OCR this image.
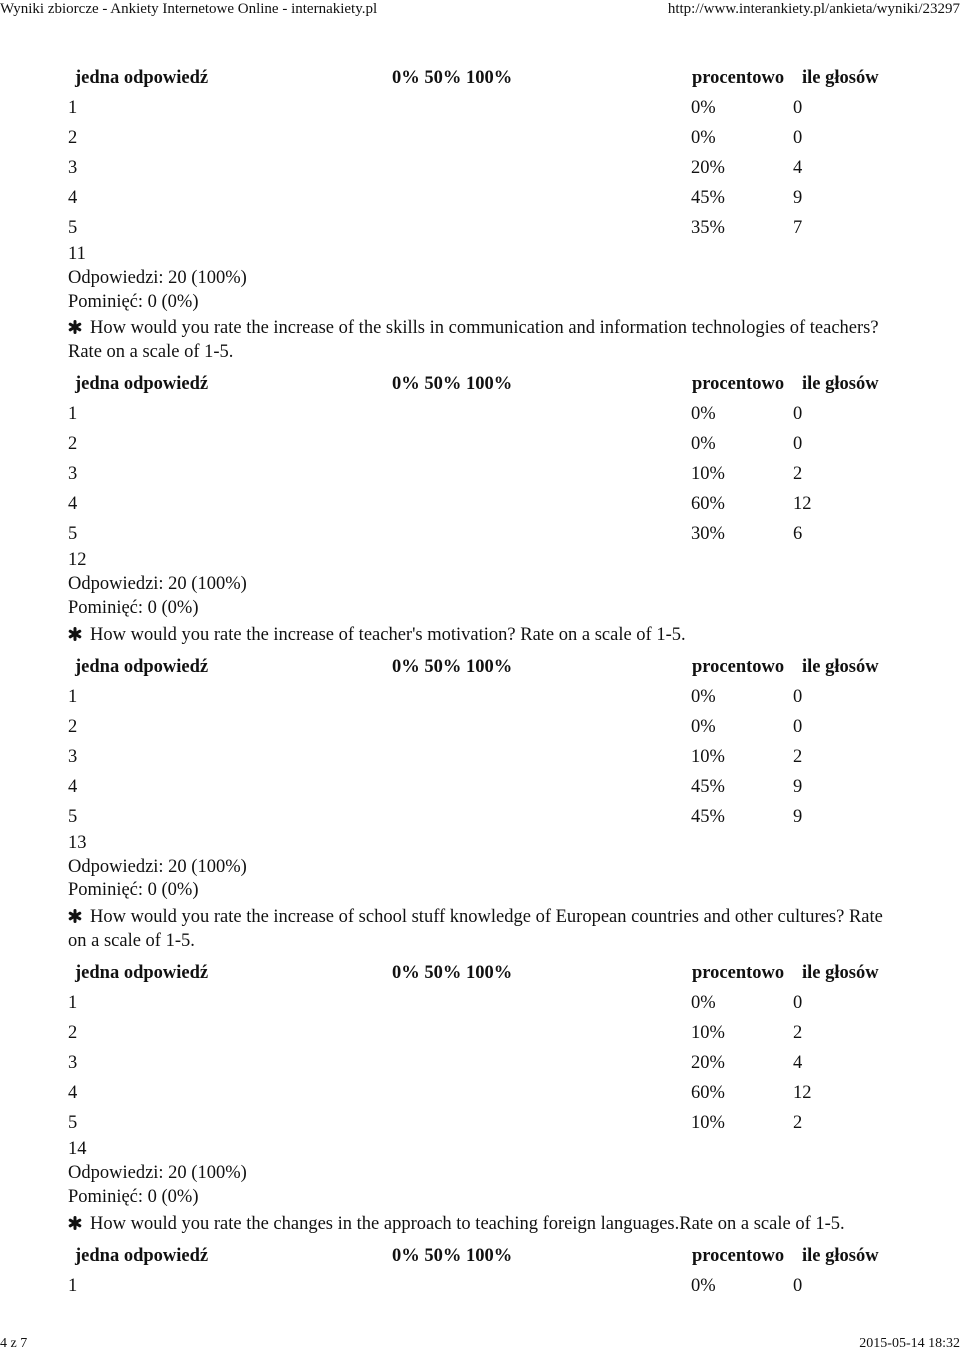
Wyniki zbiorcze - Ankiety Internetowe Online - internakiety.pl	http://www.interankiety.pl/ankieta/wyniki/23297
jedna odpowiedź	0% 50% 100%	procentowo ile głosów
1	0%	0
2	0%	0
3	20%	4
4	45%	9
5	35%	7
11
Odpowiedzi: 20 (100%)
Pominięć: 0 (0%)
How would you rate the increase of the skills in communication and information technologies of teachers? Rate on a scale of 1-5.
jedna odpowiedź	0% 50% 100%	procentowo ile głosów
1	0%	0
2	0%	0
3	10%	2
4	60%	12
5	30%	6
12
Odpowiedzi: 20 (100%)
Pominięć: 0 (0%)
How would you rate the increase of teacher's motivation? Rate on a scale of 1-5.
jedna odpowiedź	0% 50% 100%	procentowo ile głosów
1	0%	0
2	0%	0
3	10%	2
4	45%	9
5	45%	9
13
Odpowiedzi: 20 (100%)
Pominięć: 0 (0%)
How would you rate the increase of school stuff knowledge of European countries and other cultures? Rate on a scale of 1-5.
jedna odpowiedź	0% 50% 100%	procentowo ile głosów
1	0%	0
2	10%	2
3	20%	4
4	60%	12
5	10%	2
14
Odpowiedzi: 20 (100%)
Pominięć: 0 (0%)
How would you rate the changes in the approach to teaching foreign languages.Rate on a scale of 1-5.
jedna odpowiedź	0% 50% 100%	procentowo ile głosów
1	0%	0
4 z 7	2015-05-14 18:32
